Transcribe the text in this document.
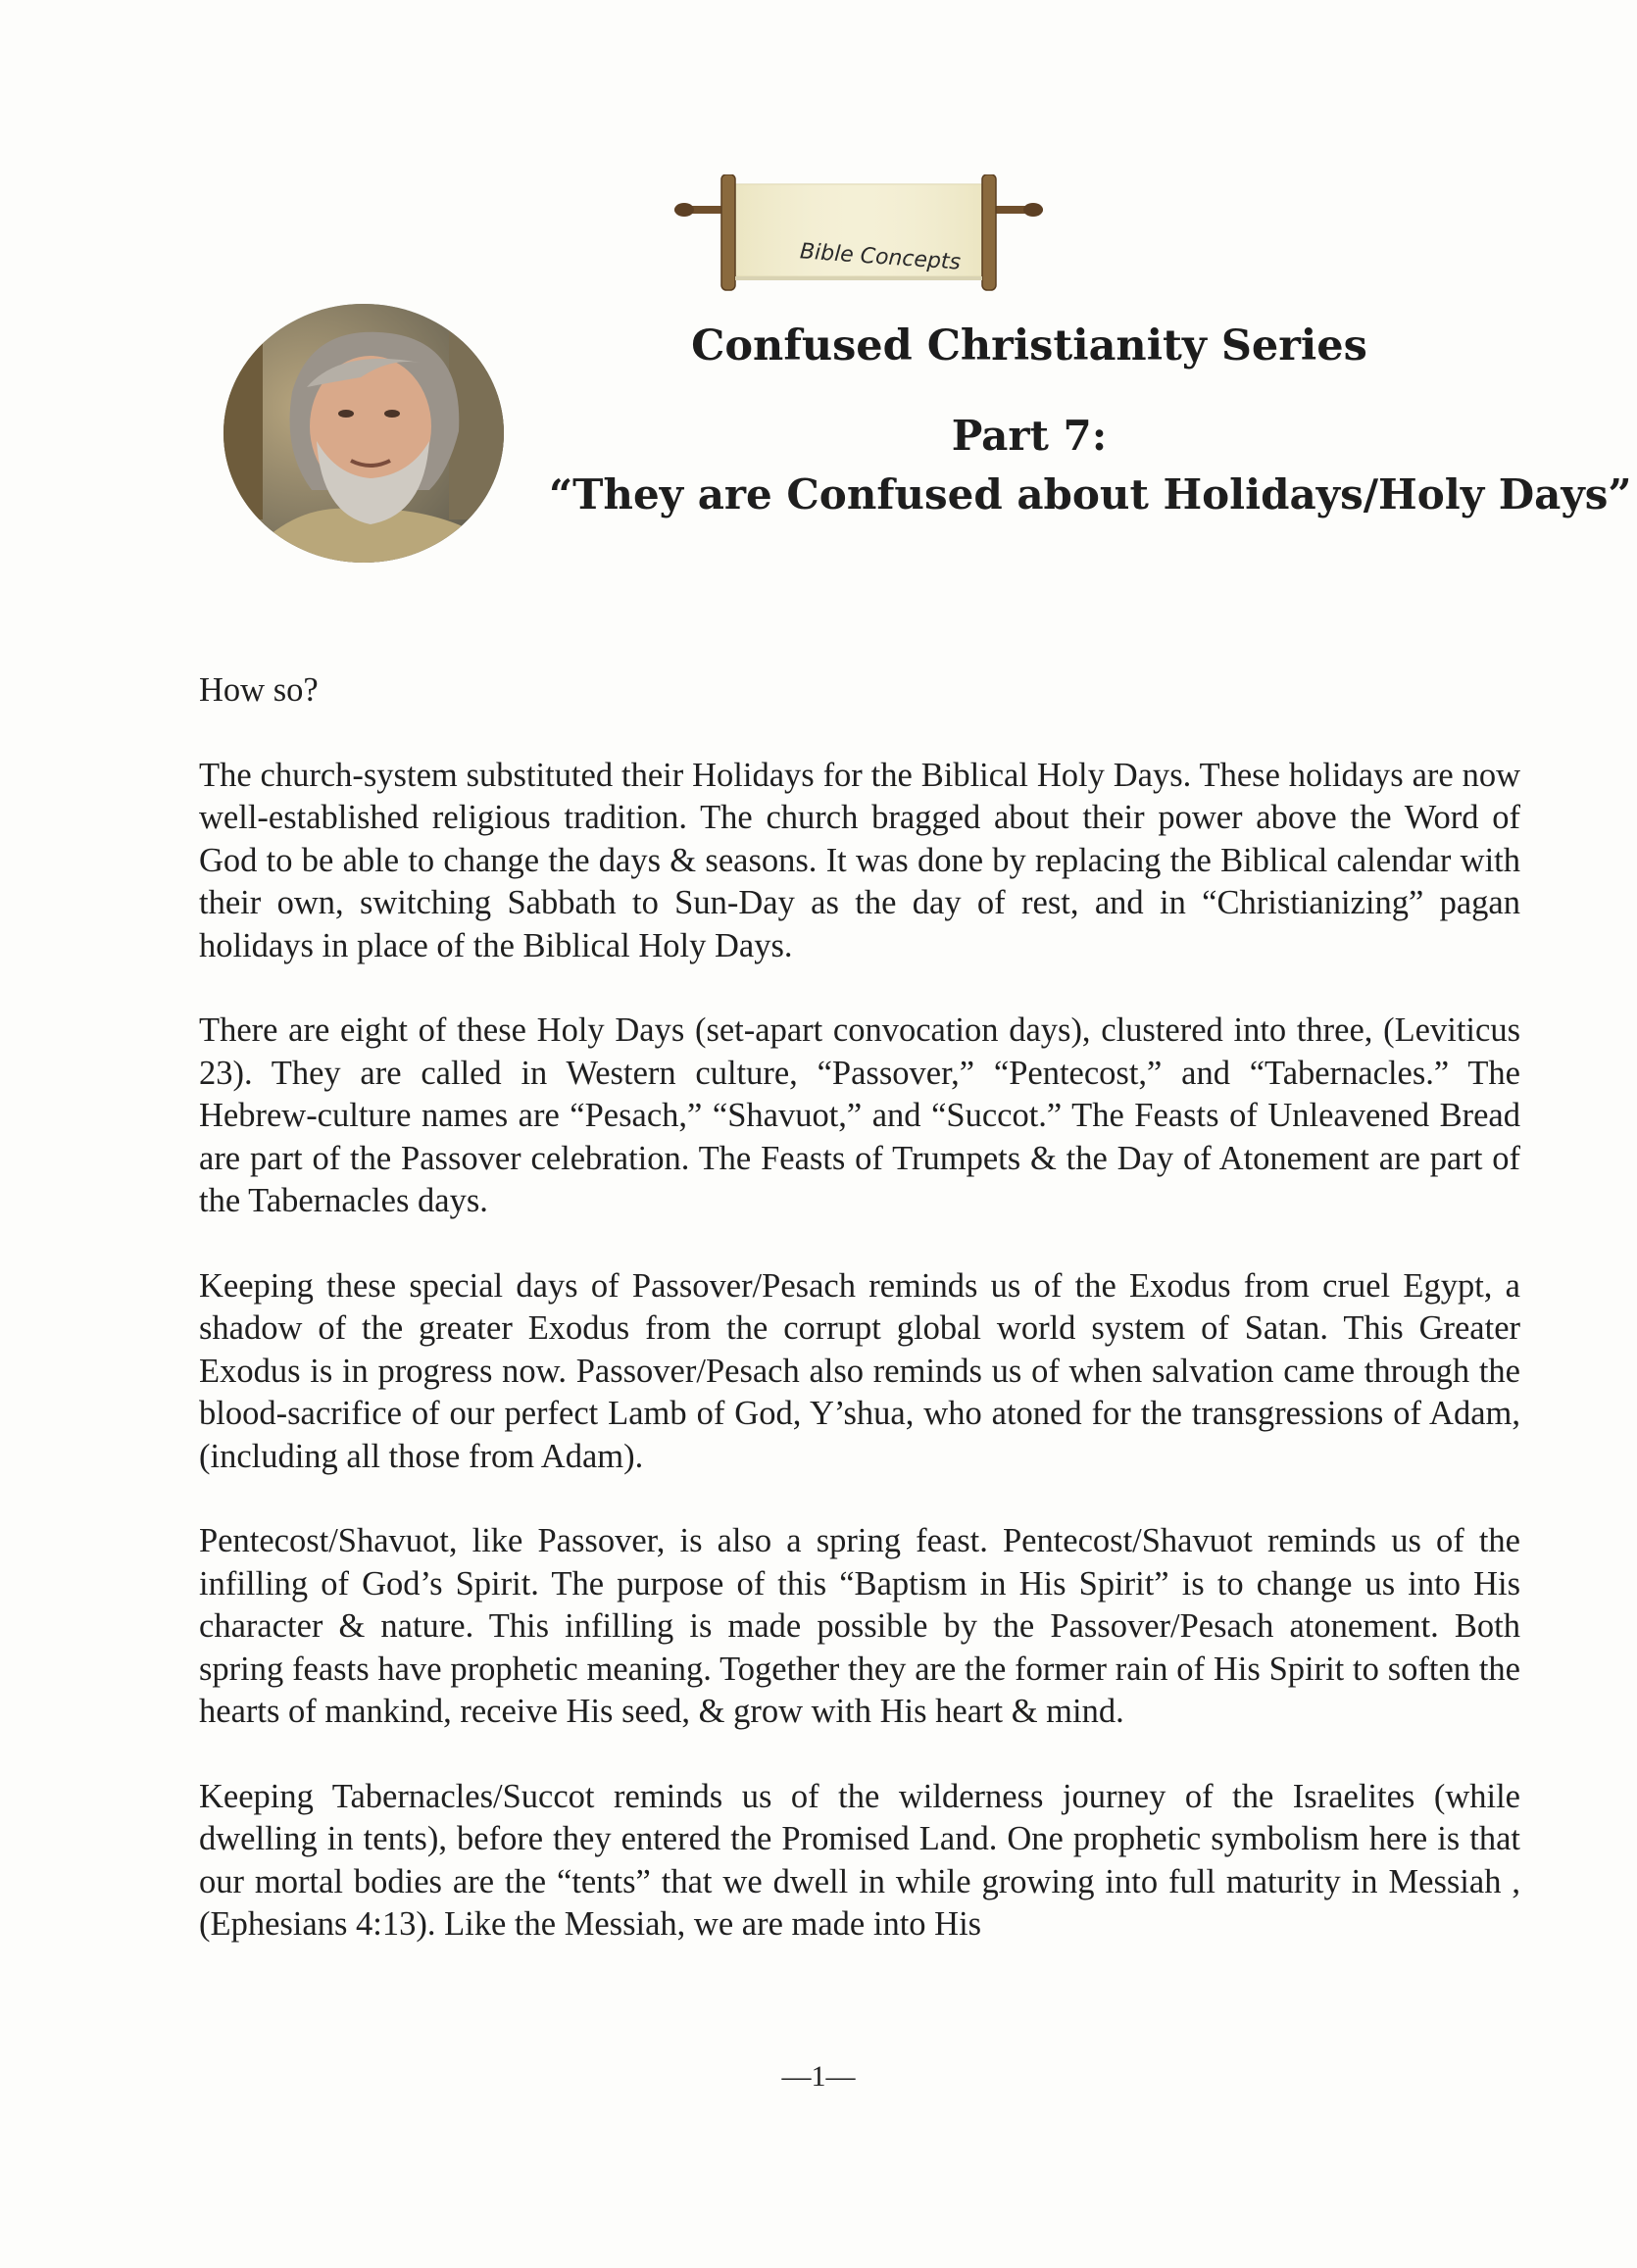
Bible Concepts
Confused Christianity Series
Part 7:
“They are Confused about Holidays/Holy Days”

How so?

The church-system substituted their Holidays for the Biblical Holy Days. These holidays are now well-established religious tradition. The church bragged about their power above the Word of God to be able to change the days & seasons. It was done by replacing the Biblical calendar with their own, switching Sabbath to Sun-Day as the day of rest, and in “Christianizing” pagan holidays in place of the Biblical Holy Days.

There are eight of these Holy Days (set-apart convocation days), clustered into three, (Leviticus 23). They are called in Western culture, “Passover,” “Pentecost,” and “Tabernacles.” The Hebrew-culture names are “Pesach,” “Shavuot,” and “Succot.” The Feasts of Unleavened Bread are part of the Passover celebration. The Feasts of Trumpets & the Day of Atonement are part of the Tabernacles days.

Keeping these special days of Passover/Pesach reminds us of the Exodus from cruel Egypt, a shadow of the greater Exodus from the corrupt global world system of Satan. This Greater Exodus is in progress now. Passover/Pesach also reminds us of when salvation came through the blood-sacrifice of our perfect Lamb of God, Y’shua, who atoned for the transgressions of Adam, (including all those from Adam).

Pentecost/Shavuot, like Passover, is also a spring feast. Pentecost/Shavuot reminds us of the infilling of God’s Spirit. The purpose of this “Baptism in His Spirit” is to change us into His character & nature. This infilling is made possible by the Passover/Pesach atonement. Both spring feasts have prophetic meaning. Together they are the former rain of His Spirit to soften the hearts of mankind, receive His seed, & grow with His heart & mind.

Keeping Tabernacles/Succot reminds us of the wilderness journey of the Israelites (while dwelling in tents), before they entered the Promised Land. One prophetic symbolism here is that our mortal bodies are the “tents” that we dwell in while growing into full maturity in Messiah , (Ephesians 4:13). Like the Messiah, we are made into His

—1—
